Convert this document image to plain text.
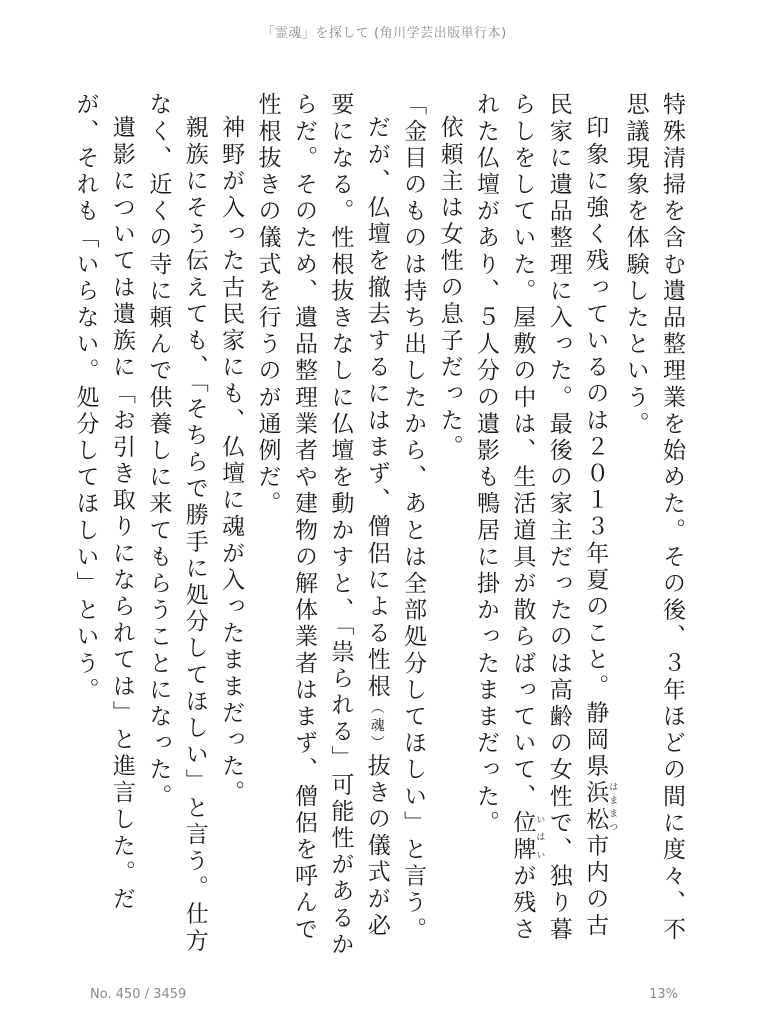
「霊魂」を探して (角川学芸出版単行本)

特殊清掃を含む遺品整理業を始めた。その後、３年ほどの間に度々、不思議現象を体験したという。

印象に強く残っているのは２０１３年夏のこと。静岡県浜松 はままつ市内の古民家に遺品整理に入った。最後の家主だったのは高齢の女性で、独り暮らしをしていた。屋敷の中は、生活道具が散らばっていて、位牌 いはいが残された仏壇があり、５人分の遺影も鴨居に掛かったままだった。

依頼主は女性の息子だった。

「金目のものは持ち出したから、あとは全部処分してほしい」と言う。

だが、仏壇を撤去するにはまず、僧侶による性根（魂）抜きの儀式が必要になる。性根抜きなしに仏壇を動かすと、「祟られる」可能性があるからだ。そのため、遺品整理業者や建物の解体業者はまず、僧侶を呼んで性根抜きの儀式を行うのが通例だ。

神野が入った古民家にも、仏壇に魂が入ったままだった。

親族にそう伝えても、「そちらで勝手に処分してほしい」と言う。仕方なく、近くの寺に頼んで供養しに来てもらうことになった。

遺影については遺族に「お引き取りになられては」と進言した。だが、それも「いらない。処分してほしい」という。

No. 450 / 3459	13%
